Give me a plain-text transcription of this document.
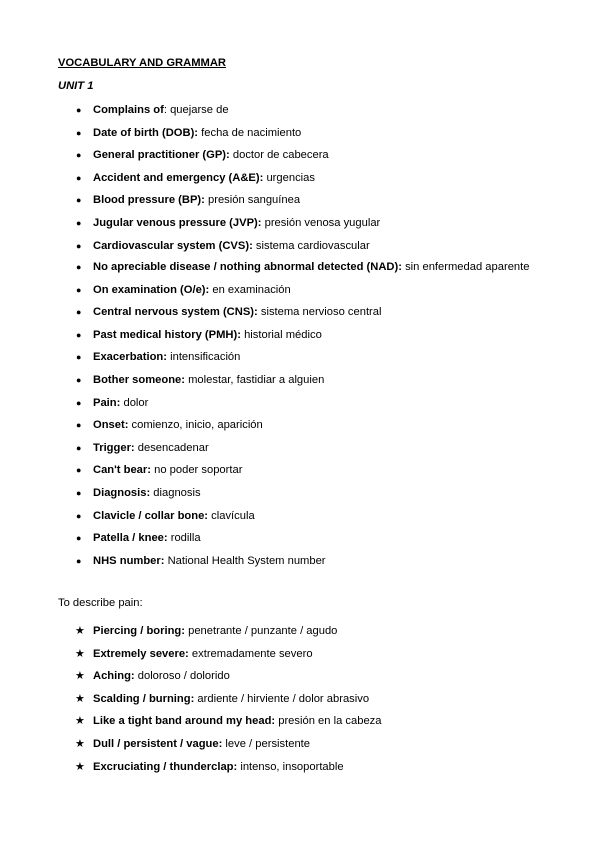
VOCABULARY AND GRAMMAR
UNIT 1
● Complains of: quejarse de
● Date of birth (DOB): fecha de nacimiento
● General practitioner (GP): doctor de cabecera
● Accident and emergency (A&E): urgencias
● Blood pressure (BP): presión sanguínea
● Jugular venous pressure (JVP): presión venosa yugular
● Cardiovascular system (CVS): sistema cardiovascular
● No apreciable disease / nothing abnormal detected (NAD): sin enfermedad aparente
● On examination (O/e): en examinación
● Central nervous system (CNS): sistema nervioso central
● Past medical history (PMH): historial médico
● Exacerbation: intensificación
● Bother someone: molestar, fastidiar a alguien
● Pain: dolor
● Onset: comienzo, inicio, aparición
● Trigger: desencadenar
● Can't bear: no poder soportar
● Diagnosis: diagnosis
● Clavicle / collar bone: clavícula
● Patella / knee: rodilla
● NHS number: National Health System number
To describe pain:
★ Piercing / boring: penetrante / punzante / agudo
★ Extremely severe: extremadamente severo
★ Aching: doloroso / dolorido
★ Scalding / burning: ardiente / hirviente / dolor abrasivo
★ Like a tight band around my head: presión en la cabeza
★ Dull / persistent / vague: leve / persistente
★ Excruciating / thunderclap: intenso, insoportable
